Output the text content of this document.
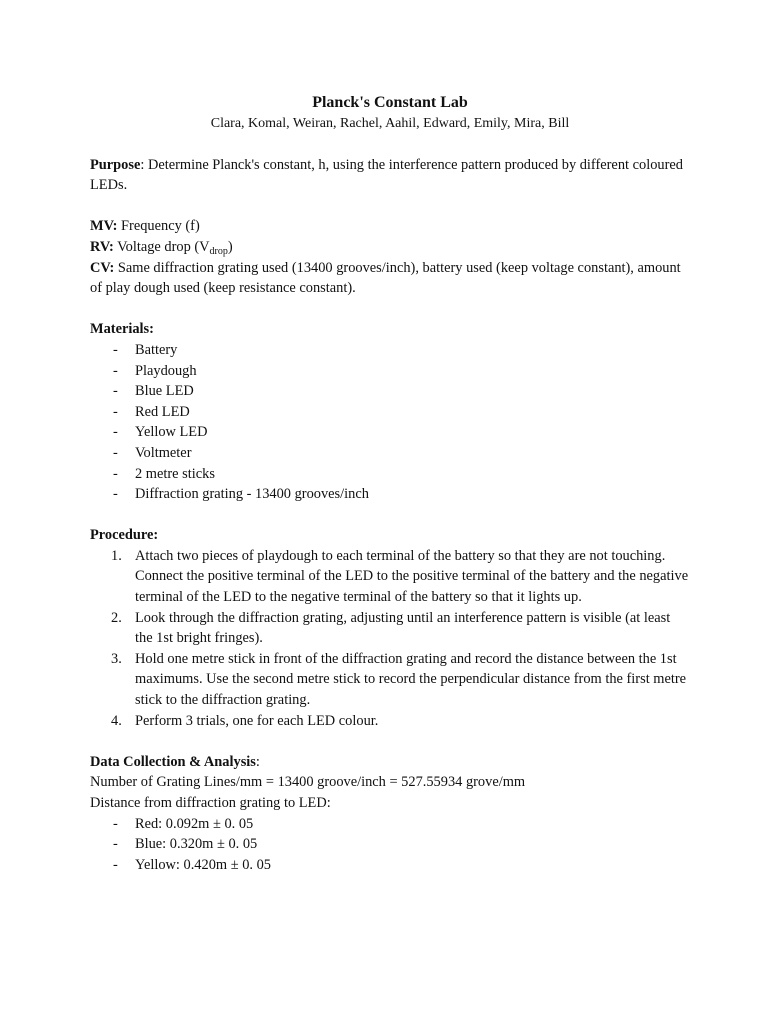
Planck's Constant Lab

Clara, Komal, Weiran, Rachel, Aahil, Edward, Emily, Mira, Bill

Purpose: Determine Planck's constant, h, using the interference pattern produced by different coloured LEDs.

MV: Frequency (f)

RV: Voltage drop $(V_{drop})$

CV: Same diffraction grating used (13400 grooves/inch), battery used (keep voltage constant), amount of play dough used (keep resistance constant).

Materials:

- Battery
- Playdough
- Blue LED
- Red LED
- Yellow LED
- Voltmeter
- 2 metre sticks
- Diffraction grating - 13400 grooves/inch

Procedure:

1. Attach two pieces of playdough to each terminal of the battery so that they are not touching. Connect the positive terminal of the LED to the positive terminal of the battery and the negative terminal of the LED to the negative terminal of the battery so that it lights up.
2. Look through the diffraction grating, adjusting until an interference pattern is visible (at least the 1st bright fringes).
3. Hold one metre stick in front of the diffraction grating and record the distance between the 1st maximums. Use the second metre stick to record the perpendicular distance from the first metre stick to the diffraction grating.
4. Perform 3 trials, one for each LED colour.

Data Collection & Analysis:

Number of Grating Lines/mm = 13400 groove/inch = 527.55934 grove/mm

Distance from diffraction grating to LED:

- Red: 0.092m ± 0. 05
- Blue: 0.320m ± 0. 05
- Yellow: 0.420m ± 0. 05
